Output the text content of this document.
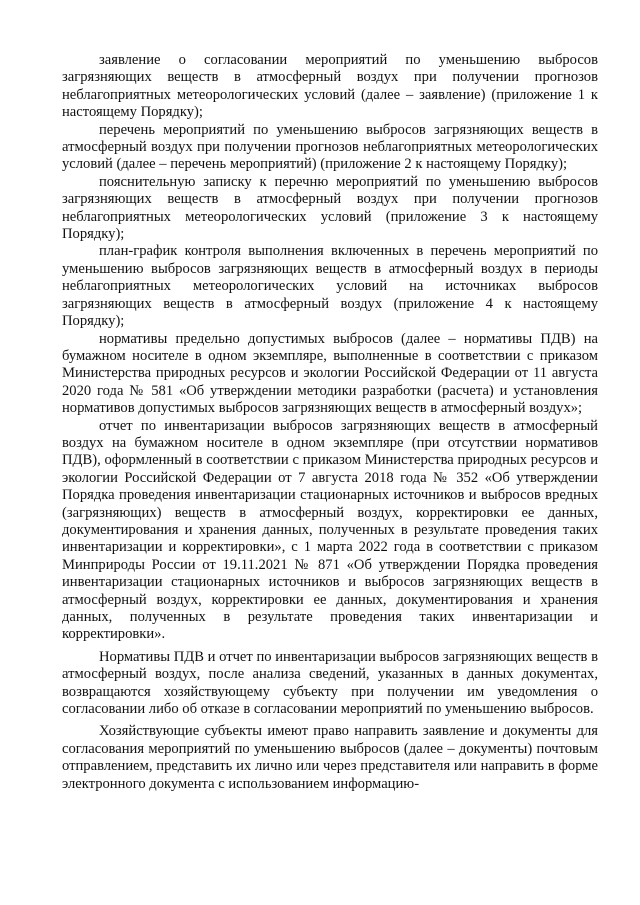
заявление о согласовании мероприятий по уменьшению выбросов загрязняющих веществ в атмосферный воздух при получении прогнозов неблагоприятных метеорологических условий (далее – заявление) (приложение 1 к настоящему Порядку);

перечень мероприятий по уменьшению выбросов загрязняющих веществ в атмосферный воздух при получении прогнозов неблагоприятных метеорологических условий (далее – перечень мероприятий) (приложение 2 к настоящему Порядку);

пояснительную записку к перечню мероприятий по уменьшению выбросов загрязняющих веществ в атмосферный воздух при получении прогнозов неблагоприятных метеорологических условий (приложение 3 к настоящему Порядку);

план-график контроля выполнения включенных в перечень мероприятий по уменьшению выбросов загрязняющих веществ в атмосферный воздух в периоды неблагоприятных метеорологических условий на источниках выбросов загрязняющих веществ в атмосферный воздух (приложение 4 к настоящему Порядку);

нормативы предельно допустимых выбросов (далее – нормативы ПДВ) на бумажном носителе в одном экземпляре, выполненные в соответствии с приказом Министерства природных ресурсов и экологии Российской Федерации от 11 августа 2020 года № 581 «Об утверждении методики разработки (расчета) и установления нормативов допустимых выбросов загрязняющих веществ в атмосферный воздух»;

отчет по инвентаризации выбросов загрязняющих веществ в атмосферный воздух на бумажном носителе в одном экземпляре (при отсутствии нормативов ПДВ), оформленный в соответствии с приказом Министерства природных ресурсов и экологии Российской Федерации от 7 августа 2018 года № 352 «Об утверждении Порядка проведения инвентаризации стационарных источников и выбросов вредных (загрязняющих) веществ в атмосферный воздух, корректировки ее данных, документирования и хранения данных, полученных в результате проведения таких инвентаризации и корректировки», с 1 марта 2022 года в соответствии с приказом Минприроды России от 19.11.2021 № 871 «Об утверждении Порядка проведения инвентаризации стационарных источников и выбросов загрязняющих веществ в атмосферный воздух, корректировки ее данных, документирования и хранения данных, полученных в результате проведения таких инвентаризации и корректировки».

Нормативы ПДВ и отчет по инвентаризации выбросов загрязняющих веществ в атмосферный воздух, после анализа сведений, указанных в данных документах, возвращаются хозяйствующему субъекту при получении им уведомления о согласовании либо об отказе в согласовании мероприятий по уменьшению выбросов.

Хозяйствующие субъекты имеют право направить заявление и документы для согласования мероприятий по уменьшению выбросов (далее – документы) почтовым отправлением, представить их лично или через представителя или направить в форме электронного документа с использованием информацию-
